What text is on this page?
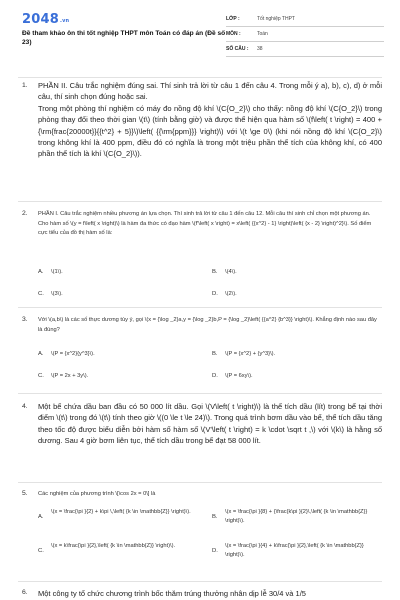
2048.vn
Đề tham khảo ôn thi tốt nghiệp THPT môn Toán có đáp án (Đề số 23)
LỚP :	Tốt nghiệp THPT
MÔN :	Toán
SỐ CÂU : 38
1. PHẦN II. Câu trắc nghiệm đúng sai. Thí sinh trả lời từ câu 1 đến câu 4. Trong mỗi ý a), b), c), d) ở mỗi câu, thí sinh chọn đúng hoặc sai.
Trong một phòng thí nghiệm có máy đo nồng độ khí \(C{O_2}\) cho thấy: nồng độ khí \(C{O_2}\) trong phòng thay đổi theo thời gian \(t\) (tính bằng giờ) và được thể hiện qua hàm số \(f\left( t \right) = 400 + {\rm{frac{20000t}}{{t^2} + 5}}\)\left( {{\rm{ppm}}} \right)\) với \(t \ge 0\) (khi nói nồng độ khí \(C{O_2}\) trong không khí là 400 ppm, điều đó có nghĩa là trong một triệu phần thể tích của không khí, có 400 phần thể tích là khí \(C{O_2}\)).
2. PHẦN I. Câu trắc nghiệm nhiều phương án lựa chọn. Thí sinh trả lời từ câu 1 đến câu 12. Mỗi câu thí sinh chỉ chọn một phương án.
Cho hàm số \(y = f\left( x \right)\) là hàm đa thức có đạo hàm \(f'\left( x \right) = x\left( {{x^2} - 1} \right)\left( {x - 2} \right)^2}\). Số điểm cực tiểu của đồ thị hàm số là:
A. \(1\).	B. \(4\).
C. \(3\).	D. \(2\).
3. Với \(a,b\) là các số thực dương tùy ý, gọi \(x = {\log _2}a,y = {\log _2}b,P = {\log _2}\left( {{a^2} {b^3}} \right)\). Khẳng định nào sau đây là đúng?
A. \(P = {x^2}{y^3}\).	B. \(P = {x^2} + {y^3}\).
C. \(P = 2x + 3y\).	D. \(P = 6xy\).
4. Một bể chứa dầu ban đầu có 50 000 lít dầu. Gọi \(V\left( t \right)\) là thể tích dầu (lít) trong bể tại thời điểm \(t\) trong đó \(t\) tính theo giờ \((0 \le t \le 24)\). Trong quá trình bơm dầu vào bể, thể tích dầu tăng theo tốc độ được biểu diễn bởi hàm số hàm số \(V'\left( t \right) = k \cdot \sqrt t ,\) với \(k\) là hằng số dương. Sau 4 giờ bơm liên tục, thể tích dầu trong bể đạt 58 000 lít.
5. Các nghiệm của phương trình \[\cos 2x = 0\] là
A.
\(x = \frac{\pi }{2} + k\pi \,\left( {k \in \mathbb{Z}} \right)\).
B.
\(x = \frac{\pi }{8} + {\frac{k\pi }{2}\,\left( {k \in \mathbb{Z}} \right)\).
C.
\(x = k\frac{\pi }{2},\left( {k \in \mathbb{Z}} \right)\).
D.
\(x = \frac{\pi }{4} + k\frac{\pi }{2},\left( {k \in \mathbb{Z}} \right)\).
6. Một công ty tổ chức chương trình bốc thăm trúng thưởng nhân dịp lễ 30/4 và 1/5
